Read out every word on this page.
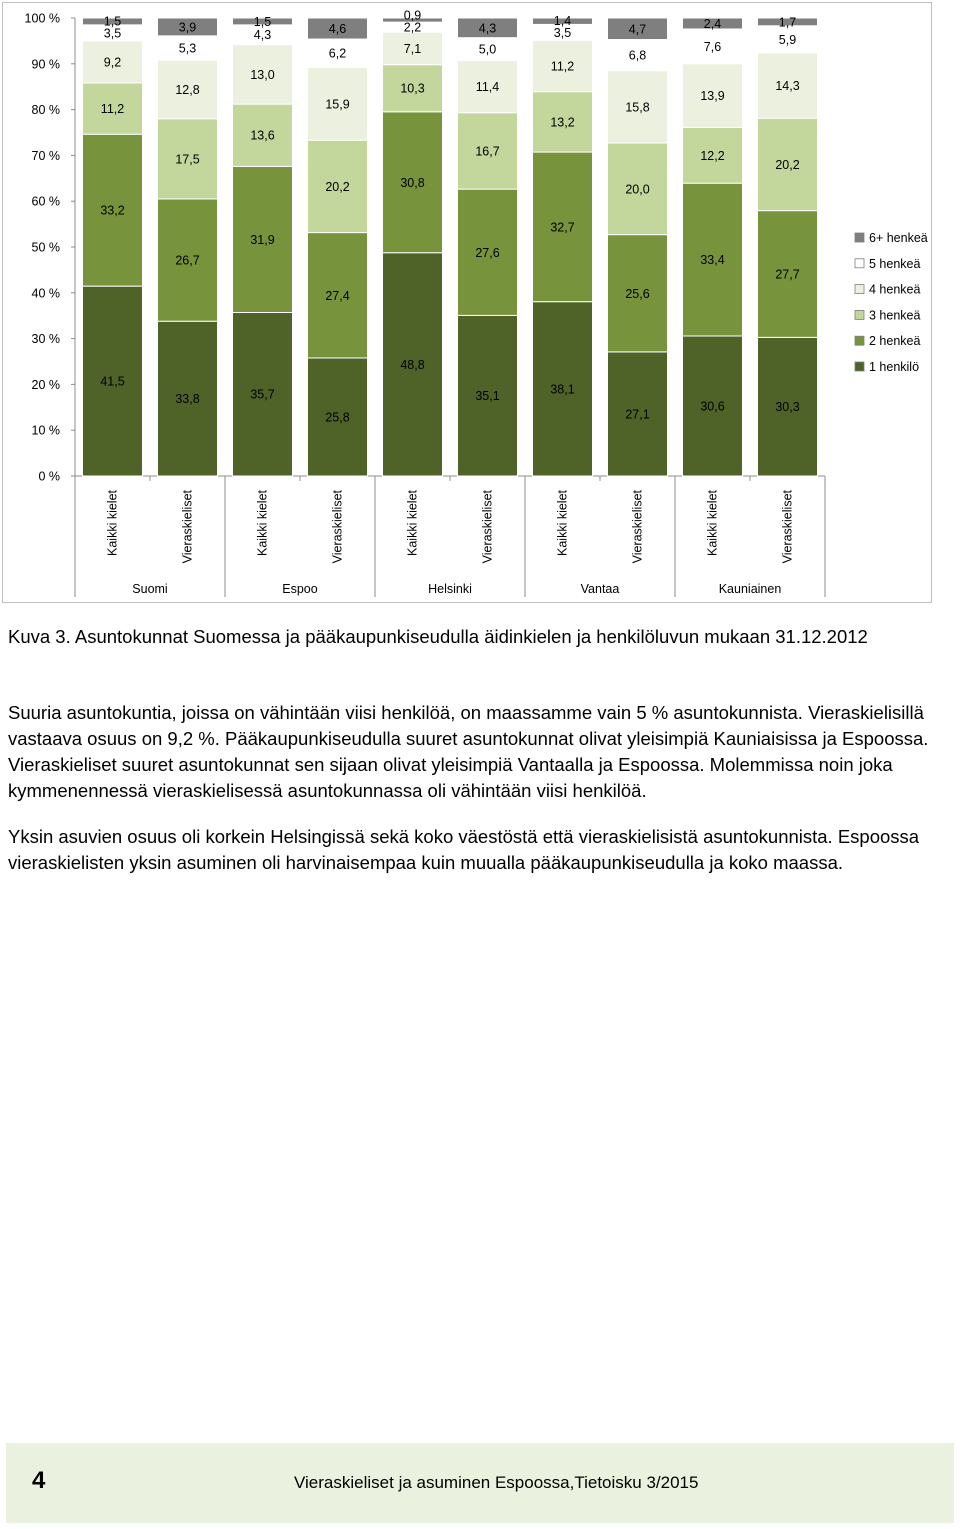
0 %
10 %
20 %
30 %
40 %
50 %
60 %
70 %
80 %
90 %
100 %
41,5
33,2
11,2
9,2
3,5
1,5
Kaikki kielet
33,8
26,7
17,5
12,8
5,3
3,9
Vieraskieliset
35,7
31,9
13,6
13,0
4,3
1,5
Kaikki kielet
25,8
27,4
20,2
15,9
6,2
4,6
Vieraskieliset
48,8
30,8
10,3
7,1
2,2
0,9
Kaikki kielet
35,1
27,6
16,7
11,4
5,0
4,3
Vieraskieliset
38,1
32,7
13,2
11,2
3,5
1,4
Kaikki kielet
27,1
25,6
20,0
15,8
6,8
4,7
Vieraskieliset
30,6
33,4
12,2
13,9
7,6
2,4
Kaikki kielet
30,3
27,7
20,2
14,3
5,9
1,7
Vieraskieliset
Suomi	Espoo	Helsinki	Vantaa	Kauniainen
6+ henkeä
5 henkeä
4 henkeä
3 henkeä
2 henkeä
1 henkilö

Kuva 3. Asuntokunnat Suomessa ja pääkaupunkiseudulla äidinkielen ja henkilöluvun mukaan 31.12.2012

Suuria asuntokuntia, joissa on vähintään viisi henkilöä, on maassamme vain 5 % asuntokunnista. Vieraskielisillä vastaava osuus on 9,2 %. Pääkaupunkiseudulla suuret asuntokunnat olivat yleisimpiä Kauniaisissa ja Espoossa. Vieraskieliset suuret asuntokunnat sen sijaan olivat yleisimpiä Vantaalla ja Espoossa. Molemmissa noin joka kymmenennessä vieraskielisessä asuntokunnassa oli vähintään viisi henkilöä.

Yksin asuvien osuus oli korkein Helsingissä sekä koko väestöstä että vieraskielisistä asuntokunnista. Espoossa vieraskielisten yksin asuminen oli harvinaisempaa kuin muualla pääkaupunkiseudulla ja koko maassa.

4	Vieraskieliset ja asuminen Espoossa,Tietoisku 3/2015
